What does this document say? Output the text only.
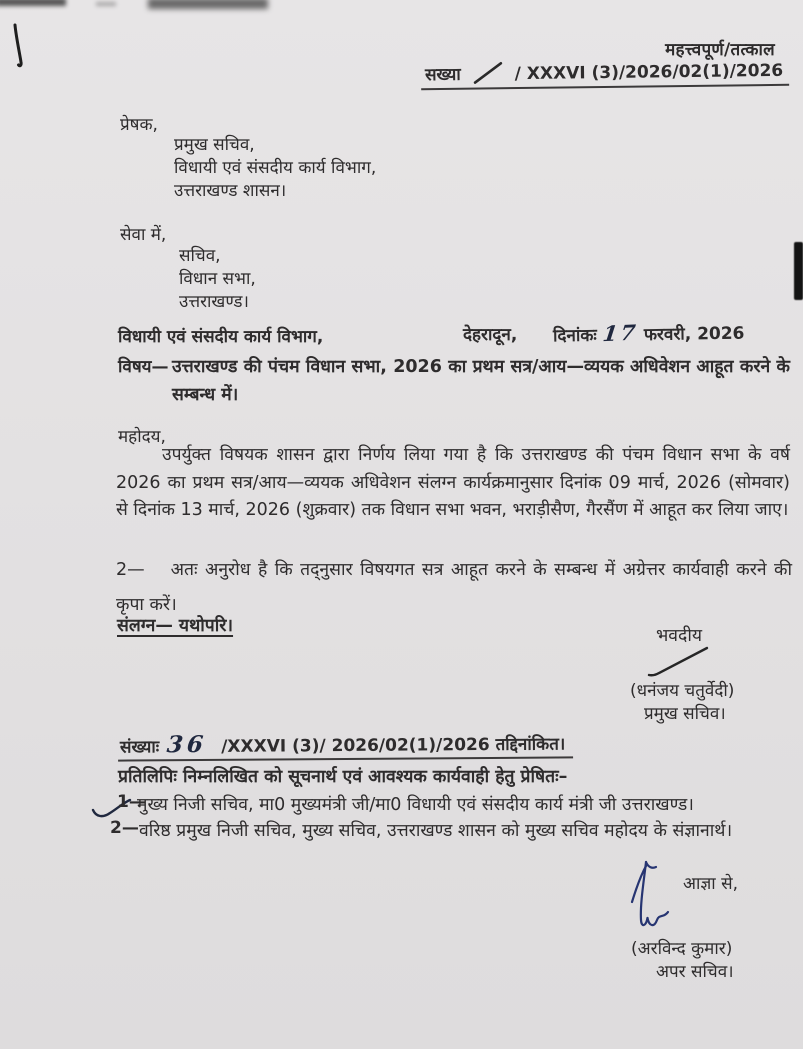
महत्त्वपूर्ण/तत्काल
सख्या	/ XXXVI (3)/2026/02(1)/2026
प्रेषक,
प्रमुख सचिव,
विधायी एवं संसदीय कार्य विभाग,
उत्तराखण्ड शासन।
सेवा में,
सचिव,
विधान सभा,
उत्तराखण्ड।
विधायी एवं संसदीय कार्य विभाग,	देहरादून, दिनांकः 17 फरवरी, 2026
विषय— उत्तराखण्ड की पंचम विधान सभा, 2026 का प्रथम सत्र/आय—व्ययक अधिवेशन आहूत करने के सम्बन्ध में।
महोदय,
उपर्युक्त विषयक शासन द्वारा निर्णय लिया गया है कि उत्तराखण्ड की पंचम विधान सभा के वर्ष 2026 का प्रथम सत्र/आय—व्ययक अधिवेशन संलग्न कार्यक्रमानुसार दिनांक 09 मार्च, 2026 (सोमवार) से दिनांक 13 मार्च, 2026 (शुक्रवार) तक विधान सभा भवन, भराड़ीसैण, गैरसैंण में आहूत कर लिया जाए।
2— अतः अनुरोध है कि तद्नुसार विषयगत सत्र आहूत करने के सम्बन्ध में अग्रेत्तर कार्यवाही करने की कृपा करें।
संलग्न— यथोपरि।	भवदीय
(धनंजय चतुर्वेदी)
प्रमुख सचिव।
संख्याः 36 /XXXVI (3)/ 2026/02(1)/2026 तद्दिनांकित।
प्रतिलिपिः निम्नलिखित को सूचनार्थ एवं आवश्यक कार्यवाही हेतु प्रेषितः–
1—
मुख्य निजी सचिव, मा0 मुख्यमंत्री जी/मा0 विधायी एवं संसदीय कार्य मंत्री जी उत्तराखण्ड।
2— वरिष्ठ प्रमुख निजी सचिव, मुख्य सचिव, उत्तराखण्ड शासन को मुख्य सचिव महोदय के संज्ञानार्थ।
आज्ञा से,
(अरविन्द कुमार)
अपर सचिव।
